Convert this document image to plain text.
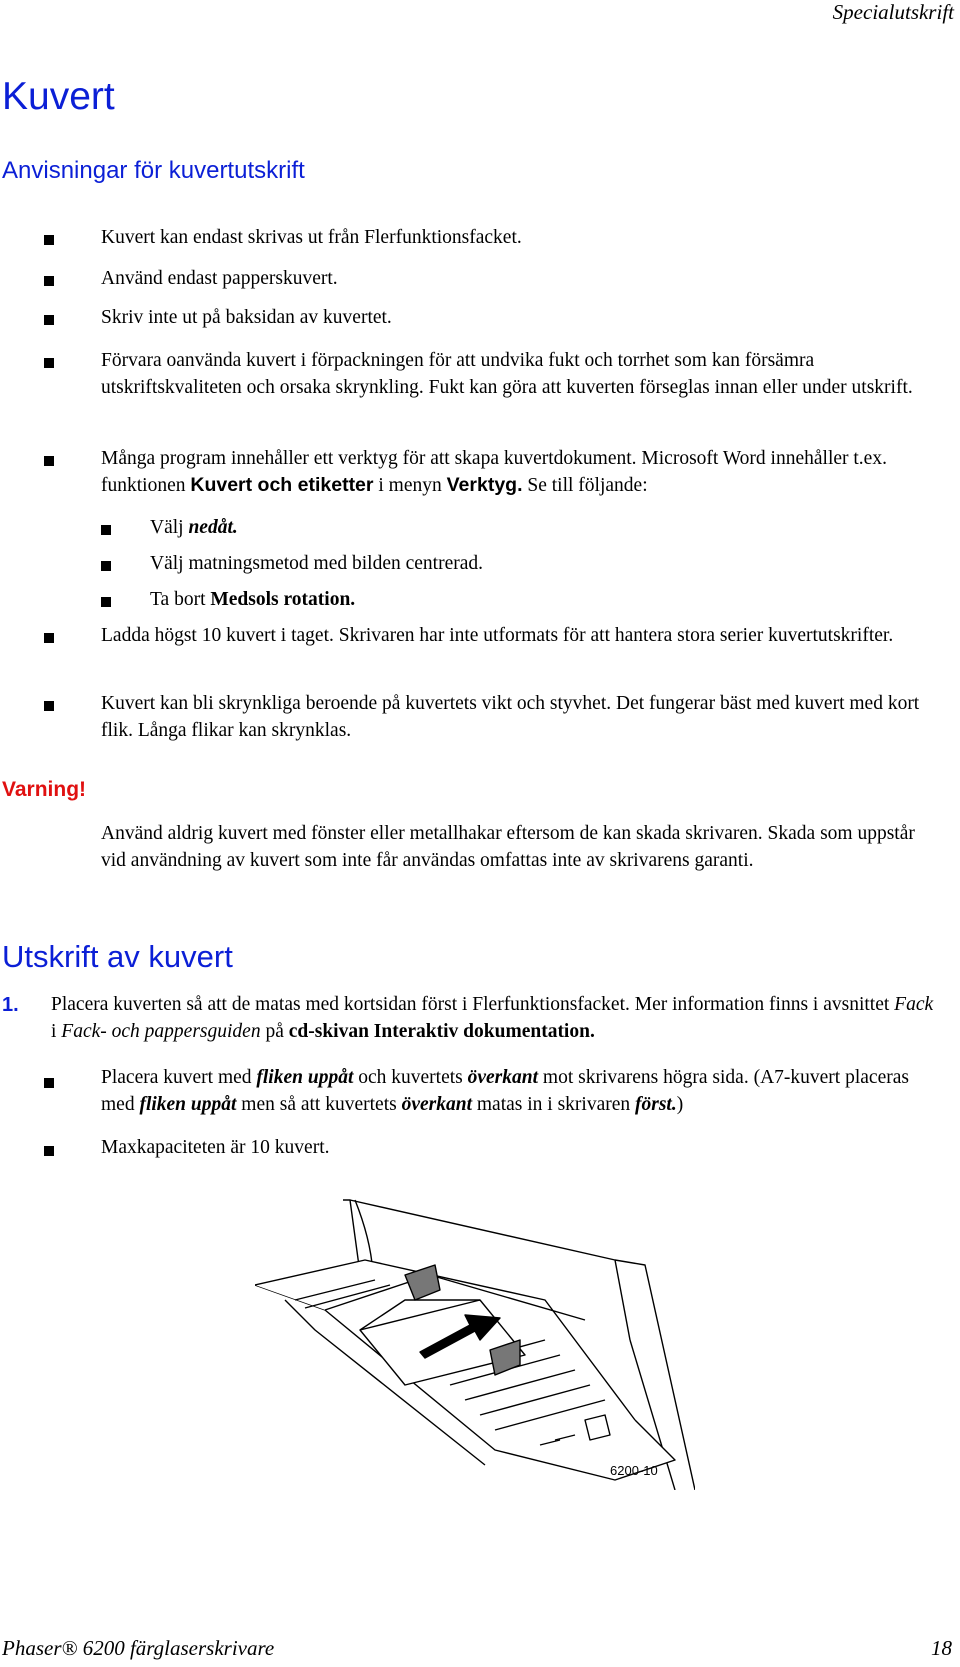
Specialutskrift
Kuvert
Anvisningar för kuvertutskrift
Kuvert kan endast skrivas ut från Flerfunktionsfacket.
Använd endast papperskuvert.
Skriv inte ut på baksidan av kuvertet.
Förvara oanvända kuvert i förpackningen för att undvika fukt och torrhet som kan försämra utskriftskvaliteten och orsaka skrynkling. Fukt kan göra att kuverten förseglas innan eller under utskrift.
Många program innehåller ett verktyg för att skapa kuvertdokument. Microsoft Word innehåller t.ex. funktionen Kuvert och etiketter i menyn Verktyg. Se till följande:
Välj nedåt.
Välj matningsmetod med bilden centrerad.
Ta bort Medsols rotation.
Ladda högst 10 kuvert i taget. Skrivaren har inte utformats för att hantera stora serier kuvertutskrifter.
Kuvert kan bli skrynkliga beroende på kuvertets vikt och styvhet. Det fungerar bäst med kuvert med kort flik. Långa flikar kan skrynklas.
Varning!
Använd aldrig kuvert med fönster eller metallhakar eftersom de kan skada skrivaren. Skada som uppstår vid användning av kuvert som inte får användas omfattas inte av skrivarens garanti.
Utskrift av kuvert
1. Placera kuverten så att de matas med kortsidan först i Flerfunktionsfacket. Mer information finns i avsnittet Fack i Fack- och pappersguiden på cd-skivan Interaktiv dokumentation.
Placera kuvert med fliken uppåt och kuvertets överkant mot skrivarens högra sida. (A7-kuvert placeras med fliken uppåt men så att kuvertets överkant matas in i skrivaren först.)
Maxkapaciteten är 10 kuvert.
6200-10
Phaser® 6200 färglaserskrivare	18
